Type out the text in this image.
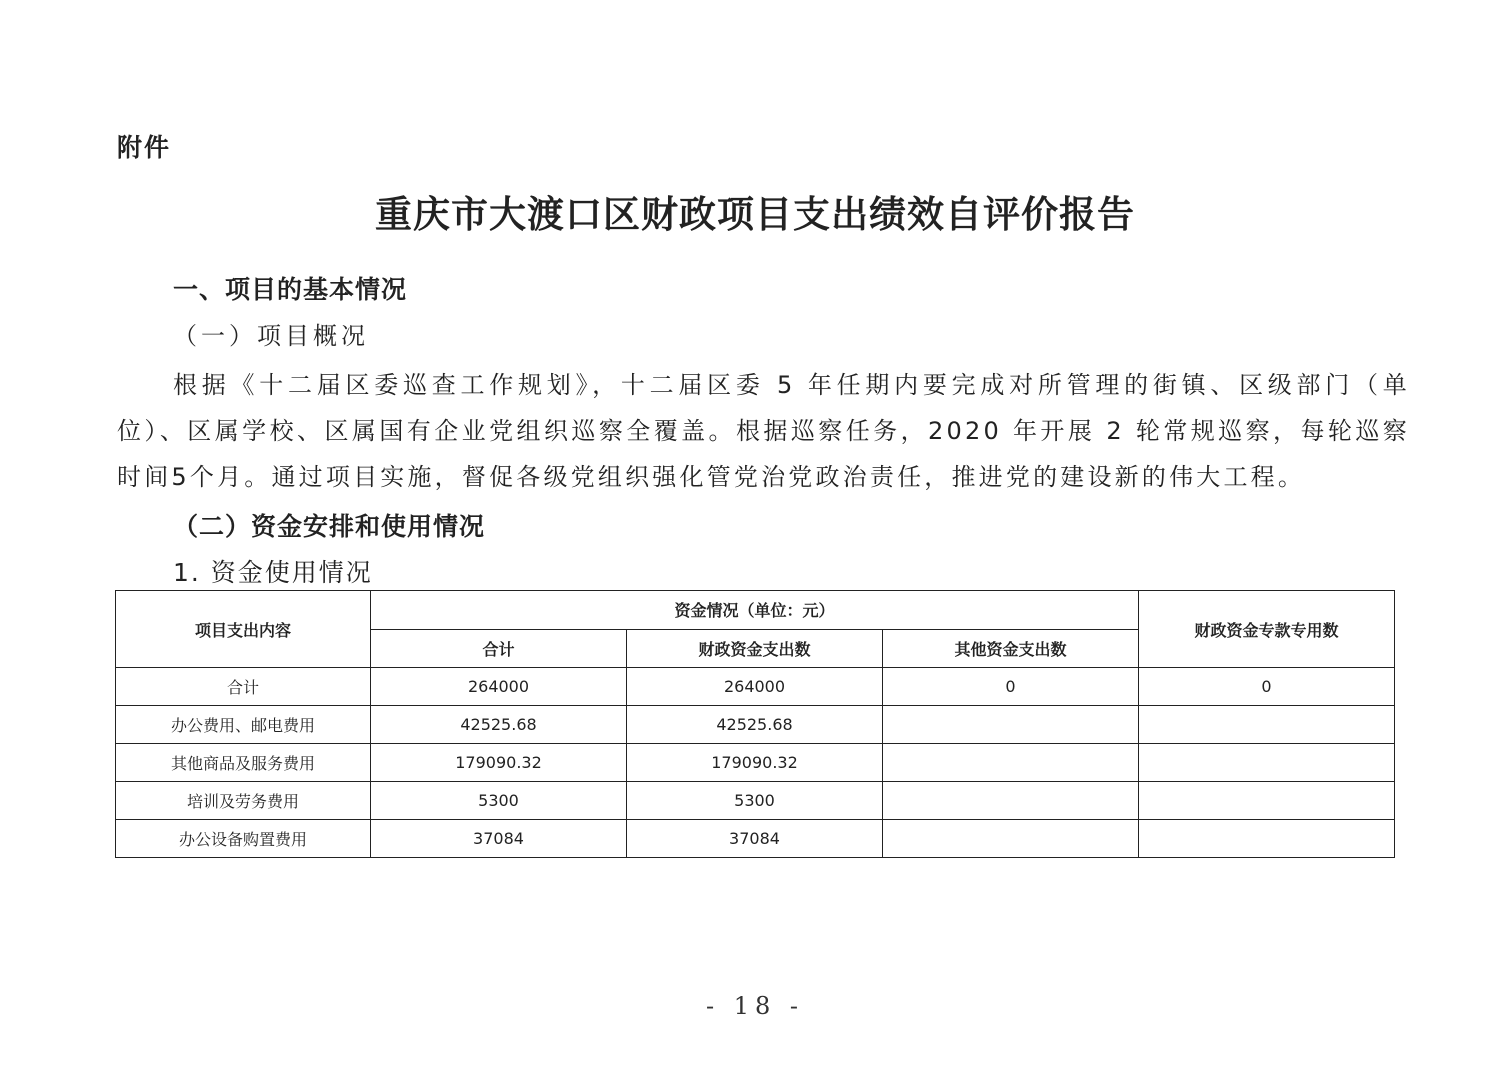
附件
重庆市大渡口区财政项目支出绩效自评价报告
一、项目的基本情况
（一）项目概况

根据《十二届区委巡查工作规划》，十二届区委 5 年任期内要完成对所管理的街镇、区级部门（单位）、区属学校、区属国有企业党组织巡察全覆盖。根据巡察任务，2020 年开展 2 轮常规巡察，每轮巡察时间5个月。通过项目实施，督促各级党组织强化管党治党政治责任，推进党的建设新的伟大工程。

（二）资金安排和使用情况
1. 资金使用情况
项目支出内容	资金情况（单位：元）			财政资金专款专用数
	合计	财政资金支出数	其他资金支出数	
合计	264000	264000	0	0
办公费用、邮电费用	42525.68	42525.68		
其他商品及服务费用	179090.32	179090.32		
培训及劳务费用	5300	5300		
办公设备购置费用	37084	37084		
- 18 -
